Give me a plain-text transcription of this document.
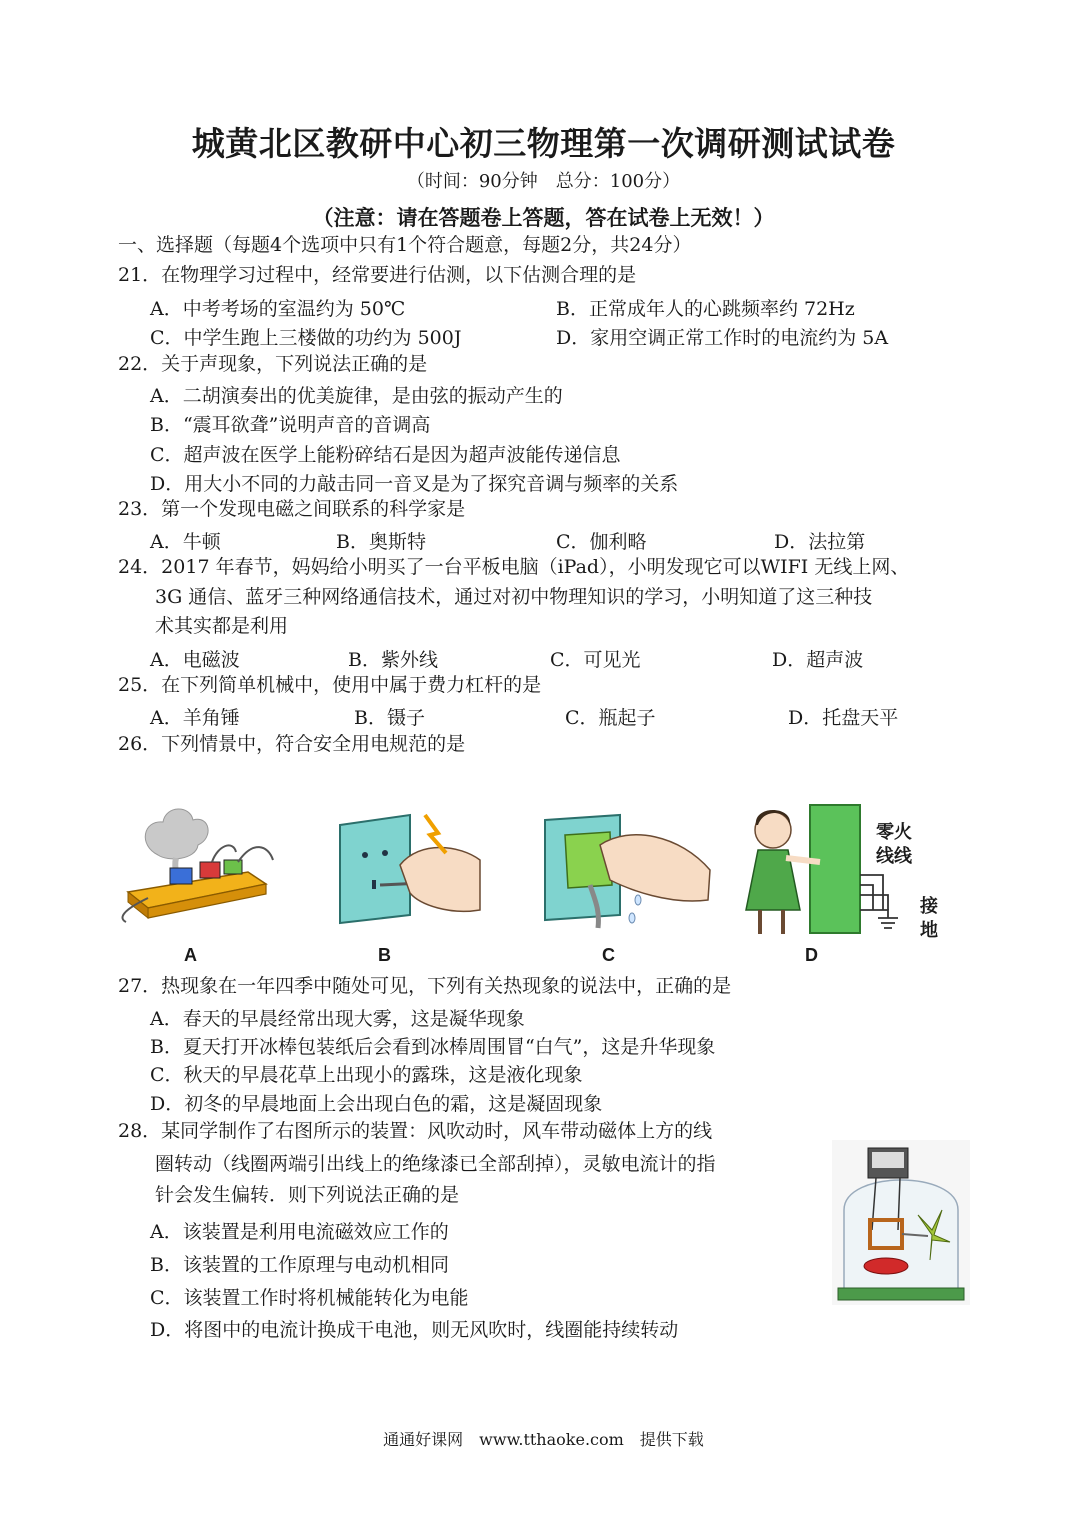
城黄北区教研中心初三物理第一次调研测试试卷
（时间：90分钟　总分：100分）
（注意：请在答题卷上答题，答在试卷上无效！）
一、选择题（每题4个选项中只有1个符合题意，每题2分，共24分）
21．在物理学习过程中，经常要进行估测，以下估测合理的是
A．中考考场的室温约为 50℃	B．正常成年人的心跳频率约 72Hz
C．中学生跑上三楼做的功约为 500J	D．家用空调正常工作时的电流约为 5A
22．关于声现象，下列说法正确的是
A．二胡演奏出的优美旋律，是由弦的振动产生的
B．“震耳欲聋”说明声音的音调高
C．超声波在医学上能粉碎结石是因为超声波能传递信息
D．用大小不同的力敲击同一音叉是为了探究音调与频率的关系
23．第一个发现电磁之间联系的科学家是
A．牛顿	B．奥斯特	C．伽利略	D．法拉第
24．2017 年春节，妈妈给小明买了一台平板电脑（iPad），小明发现它可以WIFI 无线上网、
3G 通信、蓝牙三种网络通信技术，通过对初中物理知识的学习，小明知道了这三种技
术其实都是利用
A．电磁波	B．紫外线	C．可见光	D．超声波
25．在下列简单机械中，使用中属于费力杠杆的是
A．羊角锤	B．镊子	C．瓶起子	D．托盘天平
26．下列情景中，符合安全用电规范的是
A	B	C
零火
线线
接
地
D
27．热现象在一年四季中随处可见，下列有关热现象的说法中，正确的是
A．春天的早晨经常出现大雾，这是凝华现象
B．夏天打开冰棒包装纸后会看到冰棒周围冒“白气”，这是升华现象
C．秋天的早晨花草上出现小的露珠，这是液化现象
D．初冬的早晨地面上会出现白色的霜，这是凝固现象
28．某同学制作了右图所示的装置：风吹动时，风车带动磁体上方的线
圈转动（线圈两端引出线上的绝缘漆已全部刮掉），灵敏电流计的指
针会发生偏转．则下列说法正确的是
A．该装置是利用电流磁效应工作的
B．该装置的工作原理与电动机相同
C．该装置工作时将机械能转化为电能
D．将图中的电流计换成干电池，则无风吹时，线圈能持续转动
通通好课网　www.tthaoke.com　提供下载
